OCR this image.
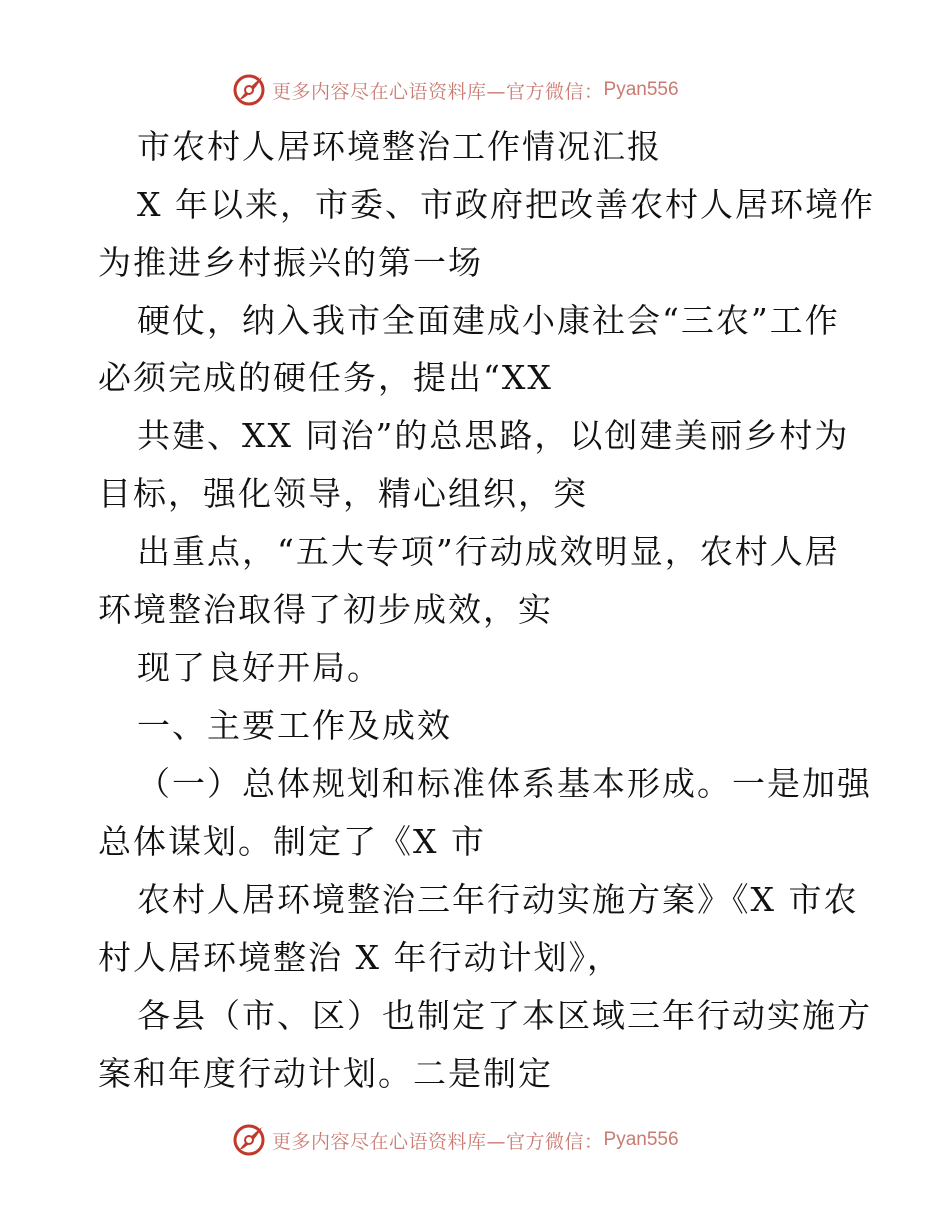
更多内容尽在心语资料库—官方微信： Pyan556
市农村人居环境整治工作情况汇报
X 年以来，市委、市政府把改善农村人居环境作
为推进乡村振兴的第一场
硬仗，纳入我市全面建成小康社会“三农”工作
必须完成的硬任务，提出“XX
共建、XX 同治”的总思路，以创建美丽乡村为
目标，强化领导，精心组织，突
出重点，“五大专项”行动成效明显，农村人居
环境整治取得了初步成效，实
现了良好开局。
一、主要工作及成效
（一）总体规划和标准体系基本形成。一是加强
总体谋划。制定了《X 市
农村人居环境整治三年行动实施方案》《X 市农
村人居环境整治 X 年行动计划》，
各县（市、区）也制定了本区域三年行动实施方
案和年度行动计划。二是制定
更多内容尽在心语资料库—官方微信： Pyan556
